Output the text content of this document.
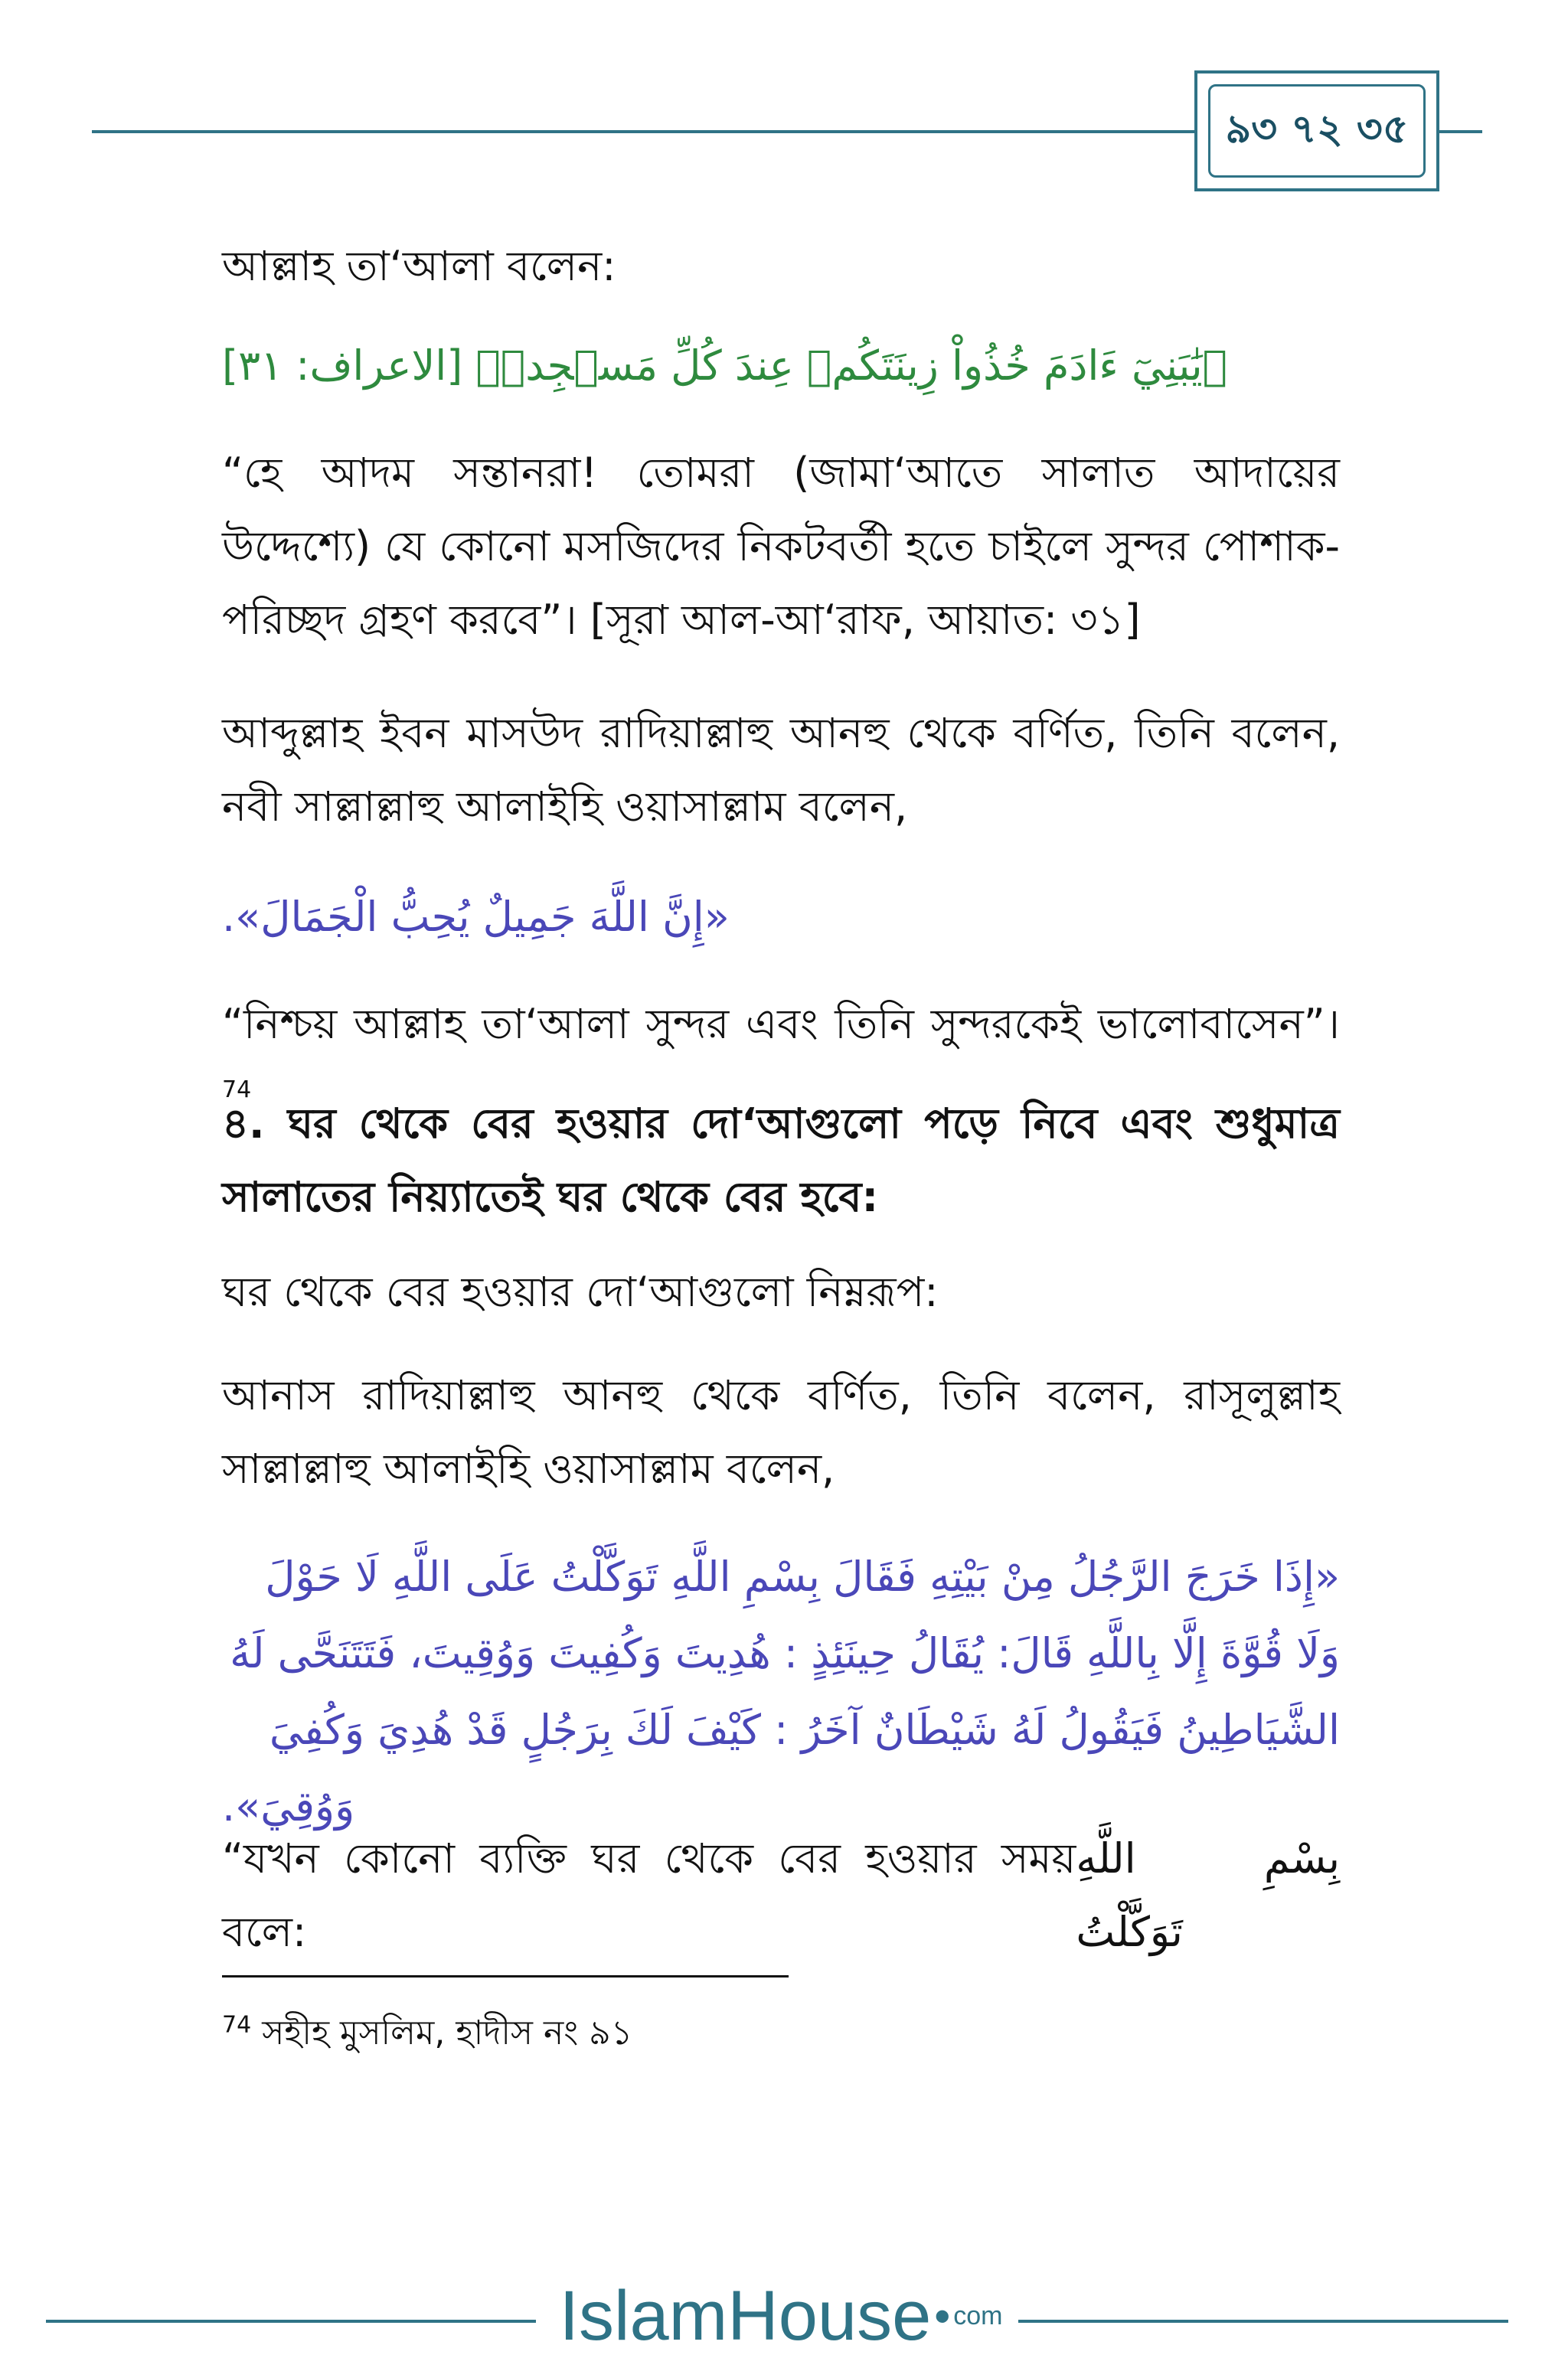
৯৩ ৭২ ৩৫

আল্লাহ তা‘আলা বলেন:

﴿يَٰبَنِيٓ ءَادَمَ خُذُواْ زِينَتَكُمۡ عِندَ كُلِّ مَسۡجِدٖ﴾ [الاعراف: ٣١]

“হে আদম সন্তানরা! তোমরা (জামা‘আতে সালাত আদায়ের উদ্দেশ্যে) যে কোনো মসজিদের নিকটবর্তী হতে চাইলে সুন্দর পোশাক-পরিচ্ছদ গ্রহণ করবে”। [সূরা আল-আ‘রাফ, আয়াত: ৩১]

আব্দুল্লাহ ইবন মাসউদ রাদিয়াল্লাহু আনহু থেকে বর্ণিত, তিনি বলেন, নবী সাল্লাল্লাহু আলাইহি ওয়াসাল্লাম বলেন,

«إِنَّ اللَّهَ جَمِيلٌ يُحِبُّ الْجَمَالَ».

“নিশ্চয় আল্লাহ তা‘আলা সুন্দর এবং তিনি সুন্দরকেই ভালোবাসেন”।$^{74}$

৪. ঘর থেকে বের হওয়ার দো‘আগুলো পড়ে নিবে এবং শুধুমাত্র সালাতের নিয়্যাতেই ঘর থেকে বের হবে:

ঘর থেকে বের হওয়ার দো‘আগুলো নিম্নরূপ:

আনাস রাদিয়াল্লাহু আনহু থেকে বর্ণিত, তিনি বলেন, রাসূলুল্লাহ সাল্লাল্লাহু আলাইহি ওয়াসাল্লাম বলেন,

«إِذَا خَرَجَ الرَّجُلُ مِنْ بَيْتِهِ فَقَالَ بِسْمِ اللَّهِ تَوَكَّلْتُ عَلَى اللَّهِ لَا حَوْلَ وَلَا قُوَّةَ إِلَّا بِاللَّهِ قَالَ: يُقَالُ حِينَئِذٍ : هُدِيتَ وَكُفِيتَ وَوُقِيتَ، فَتَتَنَحَّى لَهُ الشَّيَاطِينُ فَيَقُولُ لَهُ شَيْطَانٌ آخَرُ : كَيْفَ لَكَ بِرَجُلٍ قَدْ هُدِيَ وَكُفِيَ وَوُقِيَ».

“যখন কোনো ব্যক্তি ঘর থেকে বের হওয়ার সময় বলে:
بِسْمِ اللَّهِ تَوَكَّلْتُ

$^{74}$ সহীহ মুসলিম, হাদীস নং ৯১
IslamHouse • com
